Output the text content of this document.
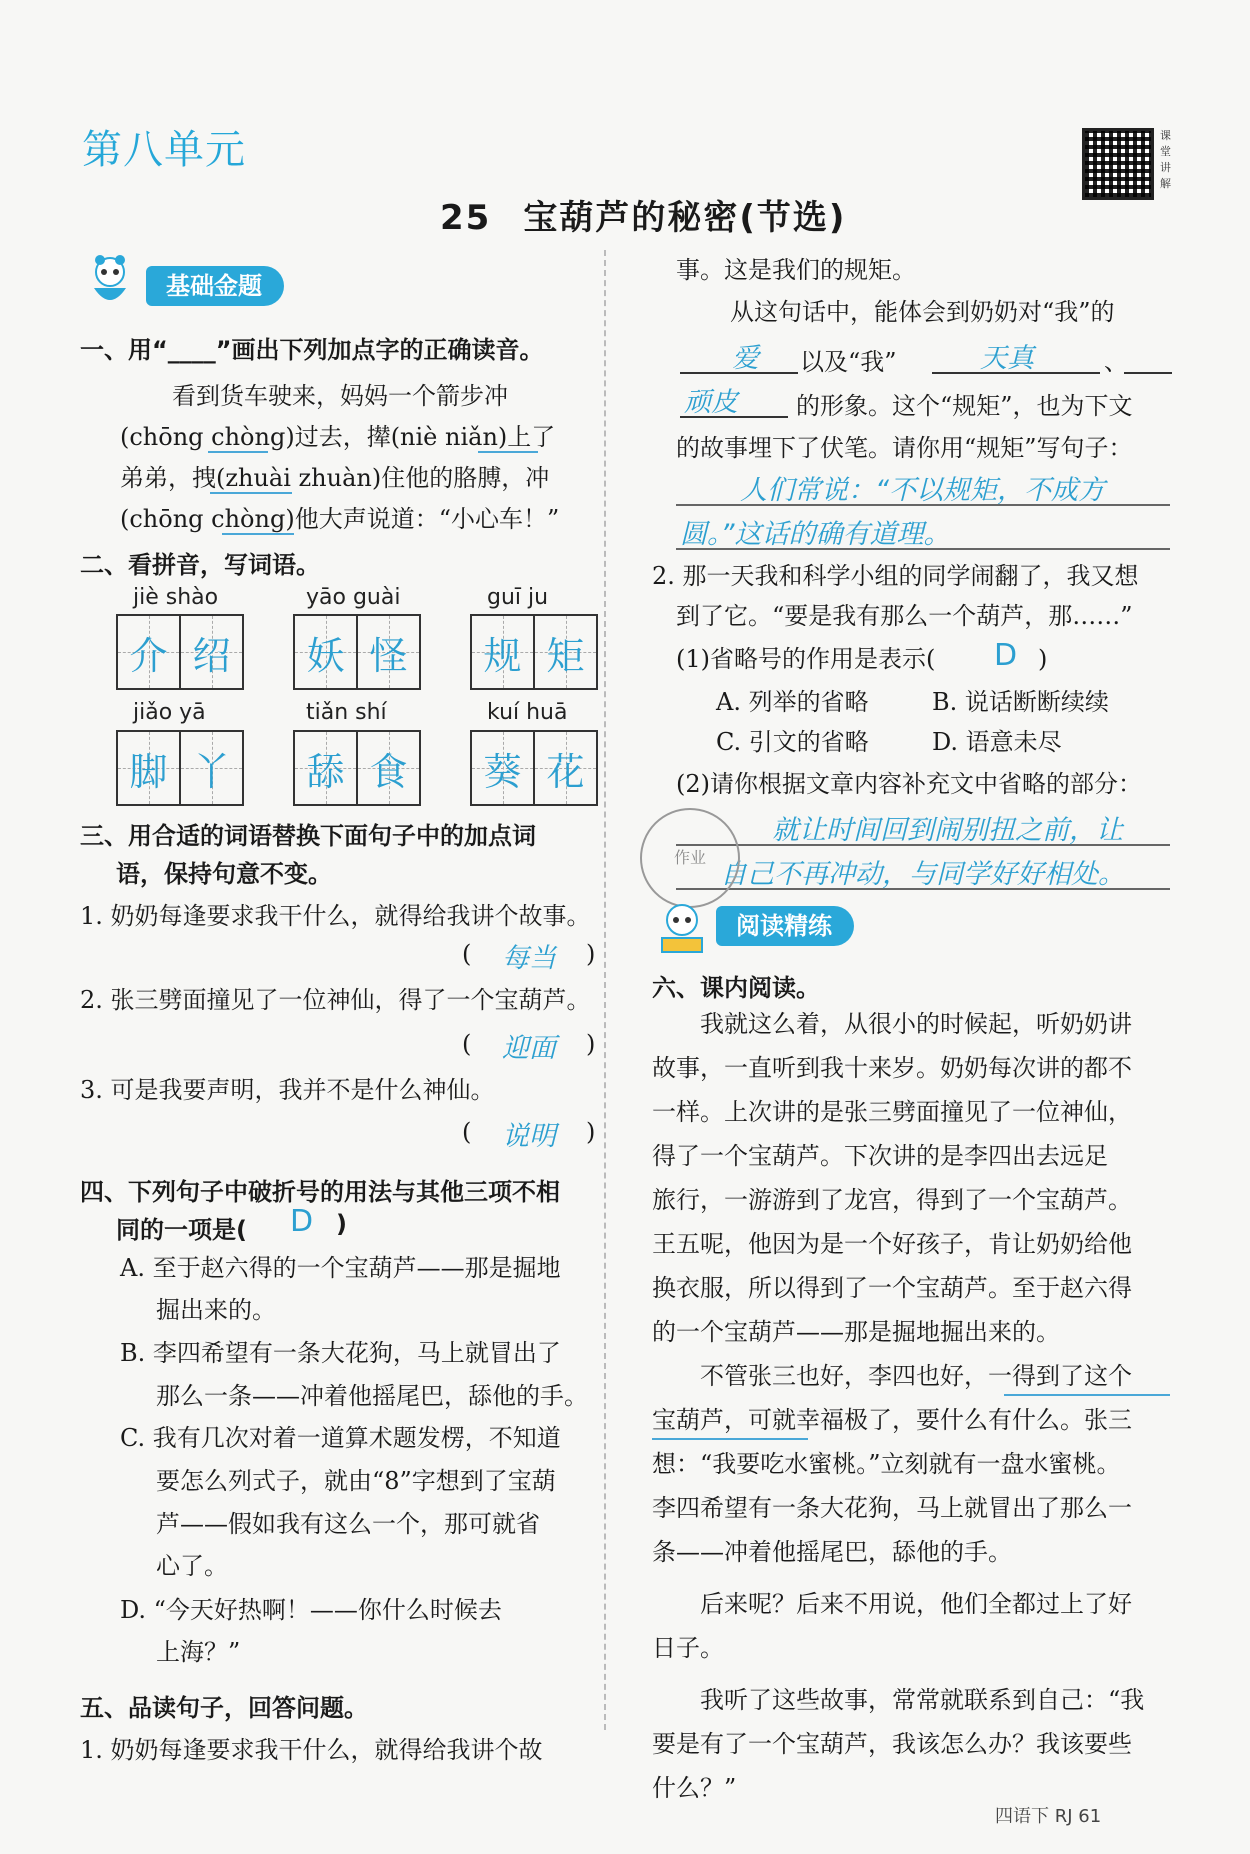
第八单元	课堂讲解
25 宝葫芦的秘密(节选)
基础金题
一、用“____”画出下列加点字的正确读音。
看到货车驶来，妈妈一个箭步冲
(chōng chòng)过去，撵(niè niǎn)上了
弟弟，拽(zhuài zhuàn)住他的胳膊，冲
(chōng chòng)他大声说道：“小心车！”
二、看拼音，写词语。
jiè shào
介 绍
yāo guài
妖 怪
guī ju
规 矩
jiǎo yā
脚 丫
tiǎn shí
舔 食
kuí huā
葵 花
三、用合适的词语替换下面句子中的加点词
语，保持句意不变。
1. 奶奶每逢要求我干什么，就得给我讲个故事。
( 每当 )
2. 张三劈面撞见了一位神仙，得了一个宝葫芦。
( 迎面 )
3. 可是我要声明，我并不是什么神仙。
( 说明 )
四、下列句子中破折号的用法与其他三项不相
同的一项是( D )
A. 至于赵六得的一个宝葫芦——那是掘地
掘出来的。
B. 李四希望有一条大花狗，马上就冒出了
那么一条——冲着他摇尾巴，舔他的手。
C. 我有几次对着一道算术题发楞，不知道
要怎么列式子，就由“8”字想到了宝葫
芦——假如我有这么一个，那可就省
心了。
D. “今天好热啊！——你什么时候去
上海？”
五、品读句子，回答问题。
1. 奶奶每逢要求我干什么，就得给我讲个故
事。这是我们的规矩。
从这句话中，能体会到奶奶对“我”的
爱 以及“我”	天真	、
顽皮 的形象。这个“规矩”，也为下文
的故事埋下了伏笔。请你用“规矩”写句子：
人们常说：“不以规矩，不成方
圆。”这话的确有道理。
2. 那一天我和科学小组的同学闹翻了，我又想
到了它。“要是我有那么一个葫芦，那……”
(1)省略号的作用是表示( D )
A. 列举的省略	B. 说话断断续续
C. 引文的省略	D. 语意未尽
(2)请你根据文章内容补充文中省略的部分：
就让时间回到闹别扭之前，让
自己不再冲动，与同学好好相处。
作业
阅读精练
六、课内阅读。
我就这么着，从很小的时候起，听奶奶讲
故事，一直听到我十来岁。奶奶每次讲的都不
一样。上次讲的是张三劈面撞见了一位神仙，
得了一个宝葫芦。下次讲的是李四出去远足
旅行，一游游到了龙宫，得到了一个宝葫芦。
王五呢，他因为是一个好孩子，肯让奶奶给他
换衣服，所以得到了一个宝葫芦。至于赵六得
的一个宝葫芦——那是掘地掘出来的。
不管张三也好，李四也好，一得到了这个
宝葫芦，可就幸福极了，要什么有什么。张三
想：“我要吃水蜜桃。”立刻就有一盘水蜜桃。
李四希望有一条大花狗，马上就冒出了那么一
条——冲着他摇尾巴，舔他的手。
后来呢？后来不用说，他们全都过上了好
日子。
我听了这些故事，常常就联系到自己：“我
要是有了一个宝葫芦，我该怎么办？我该要些
什么？”
四语下 RJ 61
